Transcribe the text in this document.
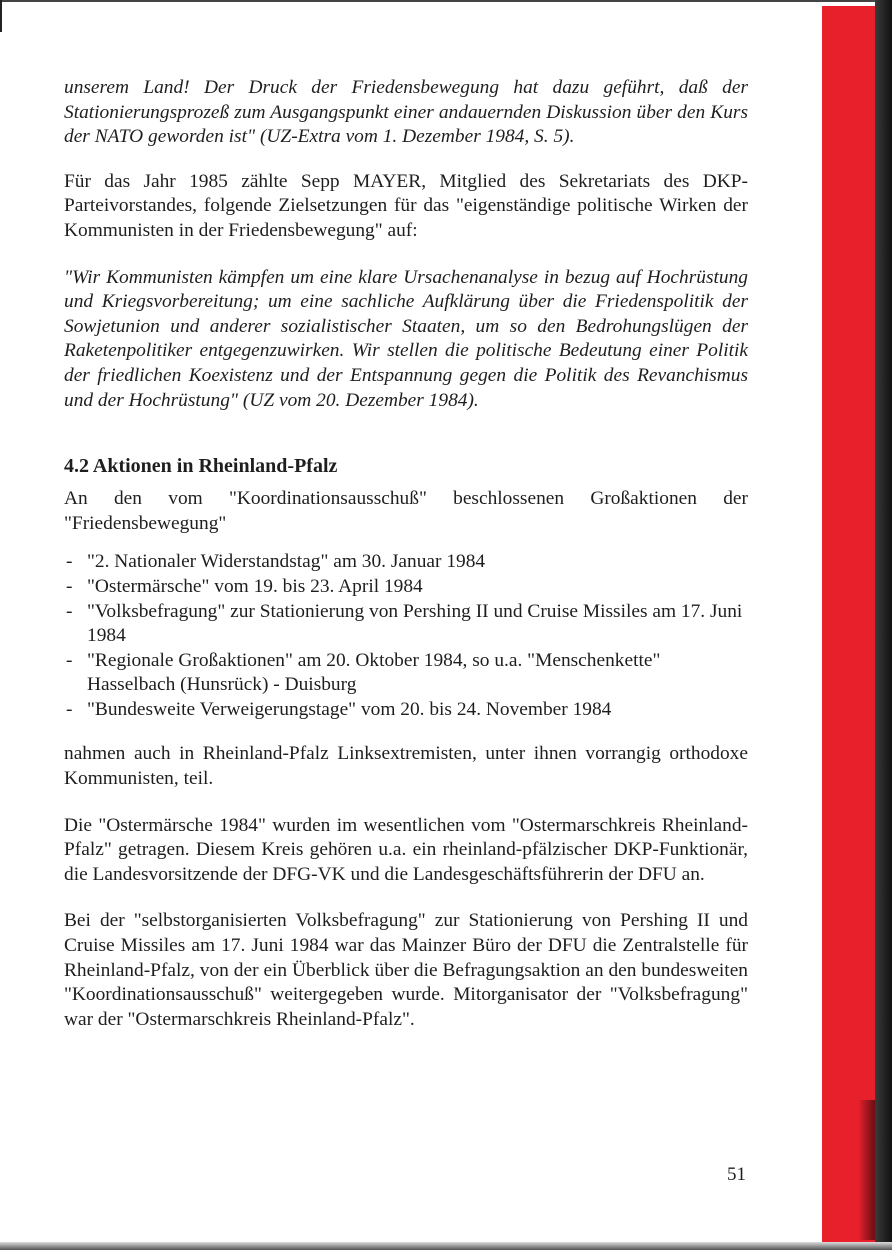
unserem Land! Der Druck der Friedensbewegung hat dazu geführt, daß der Stationierungsprozeß zum Ausgangspunkt einer andauernden Diskussion über den Kurs der NATO geworden ist" (UZ-Extra vom 1. Dezember 1984, S. 5).

Für das Jahr 1985 zählte Sepp MAYER, Mitglied des Sekretariats des DKP-Parteivorstandes, folgende Zielsetzungen für das "eigenständige politische Wirken der Kommunisten in der Friedensbewegung" auf:

"Wir Kommunisten kämpfen um eine klare Ursachenanalyse in bezug auf Hochrüstung und Kriegsvorbereitung; um eine sachliche Aufklärung über die Friedenspolitik der Sowjetunion und anderer sozialistischer Staaten, um so den Bedrohungslügen der Raketenpolitiker entgegenzuwirken. Wir stellen die politische Bedeutung einer Politik der friedlichen Koexistenz und der Entspannung gegen die Politik des Revanchismus und der Hochrüstung" (UZ vom 20. Dezember 1984).

4.2 Aktionen in Rheinland-Pfalz

An den vom "Koordinationsausschuß" beschlossenen Großaktionen der "Friedensbewegung"

- "2. Nationaler Widerstandstag" am 30. Januar 1984
- "Ostermärsche" vom 19. bis 23. April 1984
- "Volksbefragung" zur Stationierung von Pershing II und Cruise Missiles am 17. Juni 1984
- "Regionale Großaktionen" am 20. Oktober 1984, so u.a. "Menschenkette" Hasselbach (Hunsrück) - Duisburg
- "Bundesweite Verweigerungstage" vom 20. bis 24. November 1984

nahmen auch in Rheinland-Pfalz Linksextremisten, unter ihnen vorrangig orthodoxe Kommunisten, teil.

Die "Ostermärsche 1984" wurden im wesentlichen vom "Ostermarschkreis Rheinland-Pfalz" getragen. Diesem Kreis gehören u.a. ein rheinland-pfälzischer DKP-Funktionär, die Landesvorsitzende der DFG-VK und die Landesgeschäftsführerin der DFU an.

Bei der "selbstorganisierten Volksbefragung" zur Stationierung von Pershing II und Cruise Missiles am 17. Juni 1984 war das Mainzer Büro der DFU die Zentralstelle für Rheinland-Pfalz, von der ein Überblick über die Befragungsaktion an den bundesweiten "Koordinationsausschuß" weitergegeben wurde. Mitorganisator der "Volksbefragung" war der "Ostermarschkreis Rheinland-Pfalz".

51
